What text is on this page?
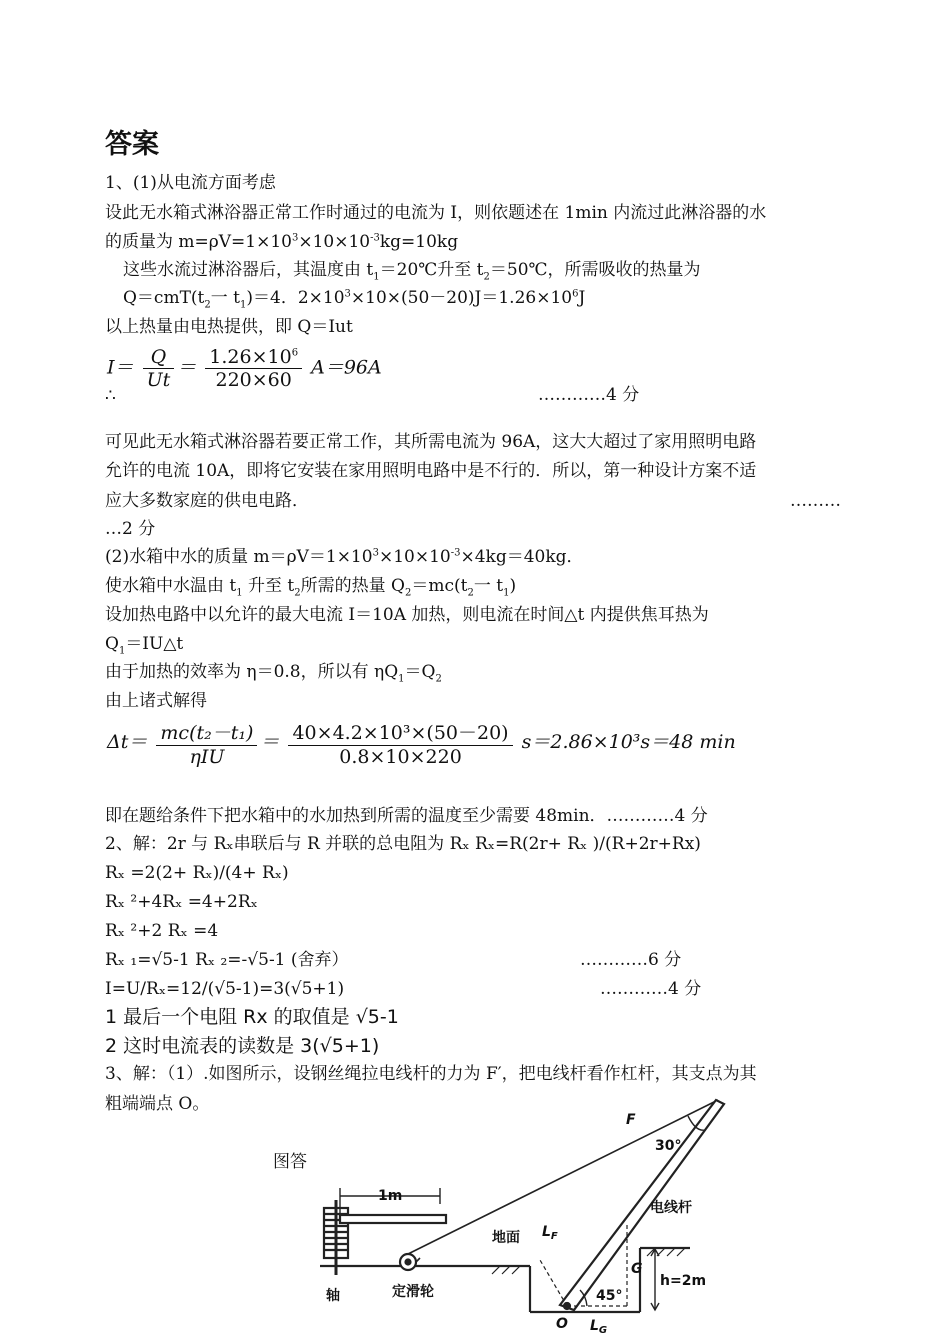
答案
1、(1)从电流方面考虑
设此无水箱式淋浴器正常工作时通过的电流为 I，则依题述在 1min 内流过此淋浴器的水
的质量为 $m=\rho V=1\times 10^3\times 10\times 10^{-3}kg=10kg$
这些水流过淋浴器后，其温度由 $t_1=20℃$升至 $t_2=50℃$，所需吸收的热量为
$Q=cmT(t_2$一 $t_1)=4$．$2\times 10^3\times 10\times(50-20)J=1.26\times 10^6J$
以上热量由电热提供，即 Q＝Iut
$I= \frac{Q}{Ut} = \frac{1.26\times 10^6}{220\times 60} A=96A$
∴	…………4 分
可见此无水箱式淋浴器若要正常工作，其所需电流为 96A，这大大超过了家用照明电路
允许的电流 10A，即将它安装在家用照明电路中是不行的．所以，第一种设计方案不适
应大多数家庭的供电电路．	………
…2 分
(2)水箱中水的质量 $m=\rho V=1\times 10^3\times 10\times 10^{-3}\times 4kg=40kg$．
使水箱中水温由 $t_1$ 升至 $t_2$所需的热量 $Q_2=mc(t_2$一 $t_1$)
设加热电路中以允许的最大电流 I＝10A 加热，则电流在时间△t 内提供焦耳热为
$Q_1=IU\triangle t$
由于加热的效率为 η＝0.8，所以有 $\eta Q_1=Q_2$
由上诸式解得
$\Delta t= \frac{\text{mc(t₂－t₁)}}{\text{ηIU}} = \frac{\text{40×4.2×10³×(50－20)}}{0.8\times 10\times 220} s=2.86\times 10^3s=48$ min
即在题给条件下把水箱中的水加热到所需的温度至少需要 48min．…………4 分
2、解：2r 与 Rₓ串联后与 R 并联的总电阻为 Rₓ Rₓ=R(2r+ Rₓ )/(R+2r+Rx)
Rₓ =2(2+ Rₓ)/(4+ Rₓ)
Rₓ ²+4Rₓ =4+2Rₓ
Rₓ ²+2 Rₓ =4
Rₓ ₁=√5-1 Rₓ ₂=-√5-1 (舍弃）	…………6 分
I=U/Rₓ=12/(√5-1)=3(√5+1)	…………4 分
1 最后一个电阻 Rx 的取值是 √5-1
2 这时电流表的读数是 3(√5+1)
3、解：（1）.如图所示，设钢丝绳拉电线杆的力为 F′，把电线杆看作杠杆，其支点为其
粗端端点 O。
图答
F
30°
电线杆
地面 $L_F$
G
h=2m
45°
O $L_G$
1m
定滑轮
轴
